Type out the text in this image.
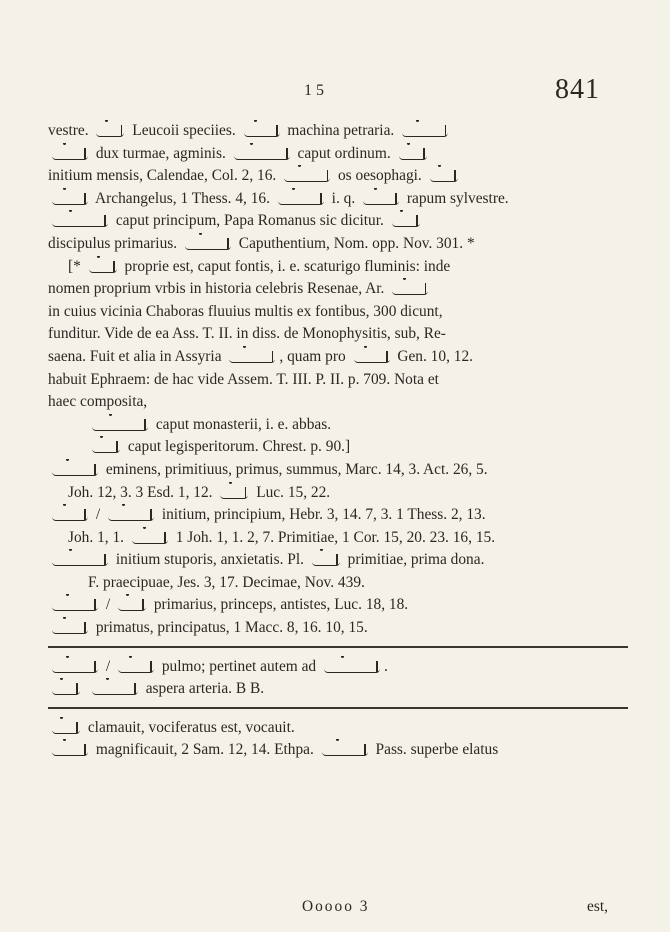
1 5	841
vestre.  Leucoii speciies.	machina petraria.
dux turmae, agminis.	caput ordinum.
initium mensis, Calendae, Col. 2, 16.	os oesophagi.
Archangelus, 1 Thess. 4, 16.	i. q.	rapum sylvestre.
caput principum, Papa Romanus sic dicitur.
discipulus primarius.	Caputhentium, Nom. opp. Nov. 301. *
[*  proprie est, caput fontis, i. e. scaturigo fluminis: inde
nomen proprium vrbis in historia celebris Resenae, Ar.
in cuius vicinia Chaboras fluuius multis ex fontibus, 300 dicunt,
funditur. Vide de ea Ass. T. II. in diss. de Monophysitis, sub, Re-
saena. Fuit et alia in Assyria	, quam pro	Gen. 10, 12.
habuit Ephraem: de hac vide Assem. T. III. P. II. p. 709. Nota et
haec composita,
caput monasterii, i. e. abbas.
caput legisperitorum. Chrest. p. 90.]
eminens, primitiuus, primus, summus, Marc. 14, 3. Act. 26, 5.
Joh. 12, 3. 3 Esd. 1, 12.  Luc. 15, 22.
/	initium, principium, Hebr. 3, 14. 7, 3. 1 Thess. 2, 13.
Joh. 1, 1.	1 Joh. 1, 1. 2, 7. Primitiae, 1 Cor. 15, 20. 23. 16, 15.
initium stuporis, anxietatis. Pl.  primitiae, prima dona.
F. praecipuae, Jes. 3, 17. Decimae, Nov. 439.
/  primarius, princeps, antistes, Luc. 18, 18.
primatus, principatus, 1 Macc. 8, 16. 10, 15.
/	pulmo; pertinet autem ad	.
aspera arteria. B B.
clamauit, vociferatus est, vocauit.
magnificauit, 2 Sam. 12, 14. Ethpa.	Pass. superbe elatus
Ooooo 3	est,
